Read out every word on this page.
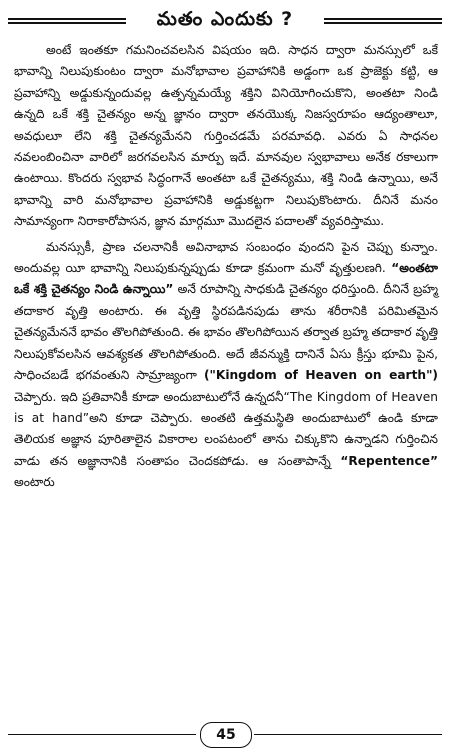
మతం ఎందుకు ?

అంటే ఇంతకూ గమనించవలసిన విషయం ఇది. సాధన ద్వారా మనస్సులో ఒకే భావాన్ని నిలుపుకుంటం ద్వారా మనోభావాల ప్రవాహానికి అడ్డంగా ఒక ప్రాజెక్టు కట్టి, ఆ ప్రవాహాన్ని అడ్డుకున్నందువల్ల ఉత్పన్నమయ్యే శక్తిని వినియోగించుకొని, అంతటా నిండి ఉన్నది ఒకే శక్తి చైతన్యం అన్న జ్ఞానం ద్వారా తనయొక్క నిజస్వరూపం ఆద్యంతాలూ, అవధులూ లేని శక్తి చైతన్యమేనని గుర్తించడమే పరమావధి. ఎవరు ఏ సాధనల నవలంబించినా వారిలో జరగవలసిన మార్పు ఇదే. మానవుల స్వభావాలు అనేక రకాలుగా ఉంటాయి. కొందరు స్వభావ సిద్ధంగానే అంతటా ఒకే చైతన్యము, శక్తి నిండి ఉన్నాయి, అనే భావాన్ని వారి మనోభావాల ప్రవాహానికి అడ్డుకట్టగా నిలుపుకొంటారు. దీనినే మనం సామాన్యంగా నిరాకారోపాసన, జ్ఞాన మార్గమూ మొదలైన పదాలతో వ్యవరిస్తాము.

మనస్సుకీ, ప్రాణ చలనానికీ అవినాభావ సంబంధం వుందని పైన చెప్పు కున్నాం. అందువల్ల యీ భావాన్ని నిలుపుకున్నప్పుడు కూడా క్రమంగా మనో వృత్తులణగి. “అంతటా ఒకే శక్తి చైతన్యం నిండి ఉన్నాయి” అనే రూపాన్ని సాధకుడి చైతన్యం ధరిస్తుంది. దీనినే బ్రహ్మ తదాకార వృత్తి అంటారు. ఈ వృత్తి స్థిరపడినపుడు తాను శరీరానికి పరిమితమైన చైతన్యమేననే భావం తొలగిపోతుంది. ఈ భావం తొలగిపోయిన తర్వాత బ్రహ్మ తదాకార వృత్తి నిలుపుకోవలసిన ఆవశ్యకత తొలగిపోతుంది. అదే జీవన్ముక్తి దానినే ఏసు క్రీస్తు భూమి పైన, సాధించబడే భగవంతుని సామ్రాజ్యంగా ("Kingdom of Heaven on earth") చెప్పారు. ఇది ప్రతివానికీ కూడా అందుబాటులోనే ఉన్నదనీ“The Kingdom of Heaven is at hand”అని కూడా చెప్పారు. అంతటి ఉత్తమస్థితి అందుబాటులో ఉండి కూడా తెలియక అజ్ఞాన పూరితాలైన వికారాల లంపటంలో తాను చిక్కుకొని ఉన్నాడని గుర్తించిన వాడు తన అజ్ఞానానికి సంతాపం చెందకపోడు. ఆ సంతాపాన్నే “Repentence” అంటారు

45
